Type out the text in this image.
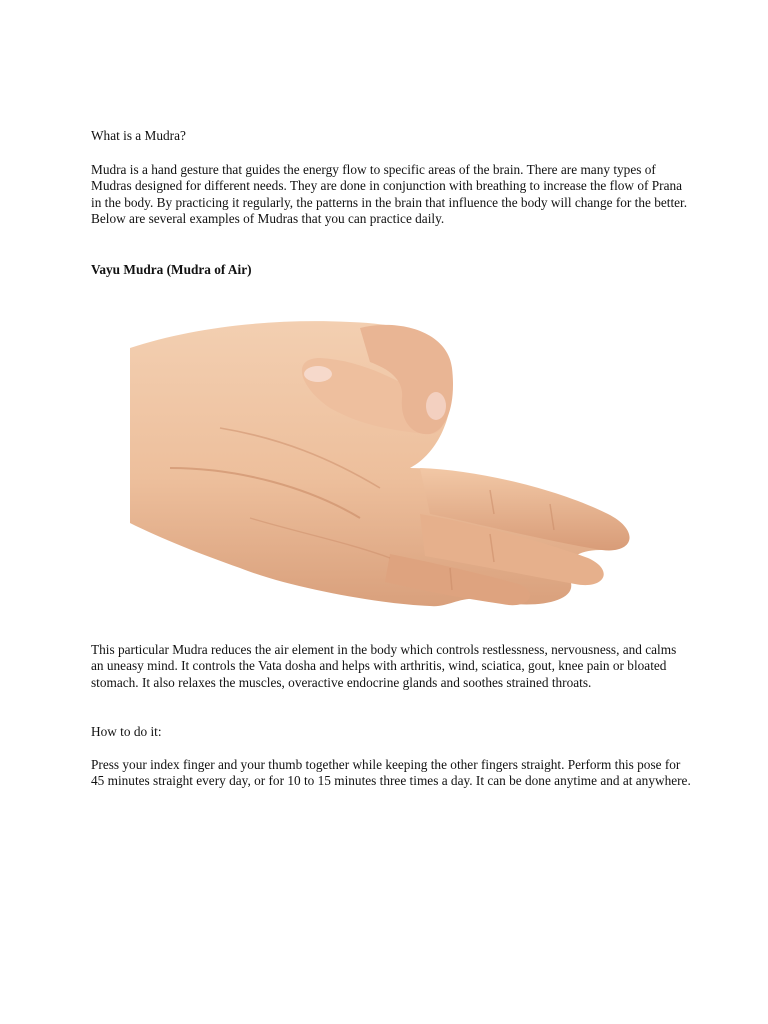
What is a Mudra?

Mudra is a hand gesture that guides the energy flow to specific areas of the brain. There are many types of Mudras designed for different needs. They are done in conjunction with breathing to increase the flow of Prana in the body. By practicing it regularly, the patterns in the brain that influence the body will change for the better. Below are several examples of Mudras that you can practice daily.

Vayu Mudra (Mudra of Air)

This particular Mudra reduces the air element in the body which controls restlessness, nervousness, and calms an uneasy mind. It controls the Vata dosha and helps with arthritis, wind, sciatica, gout, knee pain or bloated stomach. It also relaxes the muscles, overactive endocrine glands and soothes strained throats.

How to do it:

Press your index finger and your thumb together while keeping the other fingers straight. Perform this pose for 45 minutes straight every day, or for 10 to 15 minutes three times a day. It can be done anytime and at anywhere.
